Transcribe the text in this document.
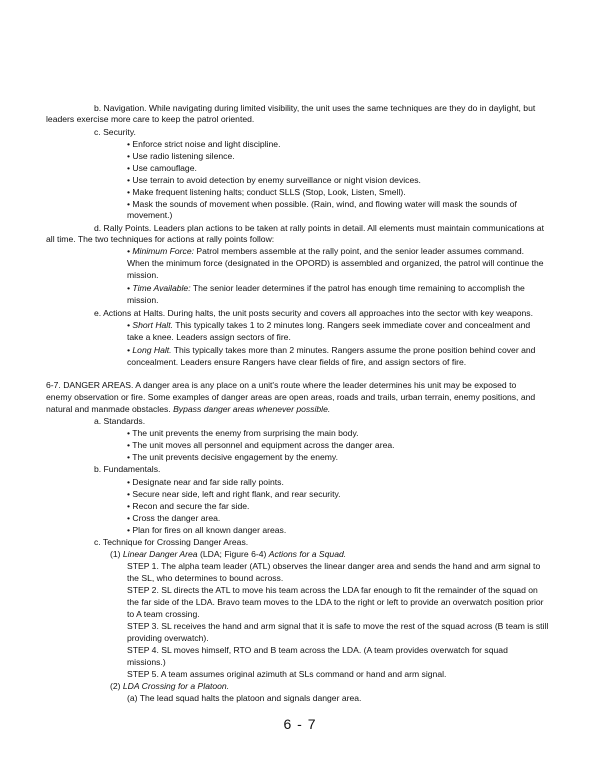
b. Navigation. While navigating during limited visibility, the unit uses the same techniques are they do in daylight, but
leaders exercise more care to keep the patrol oriented.
c. Security.
• Enforce strict noise and light discipline.
• Use radio listening silence.
• Use camouflage.
• Use terrain to avoid detection by enemy surveillance or night vision devices.
• Make frequent listening halts; conduct SLLS (Stop, Look, Listen, Smell).
• Mask the sounds of movement when possible. (Rain, wind, and flowing water will mask the sounds of
movement.)
d. Rally Points. Leaders plan actions to be taken at rally points in detail. All elements must maintain communications at
all time. The two techniques for actions at rally points follow:
• Minimum Force: Patrol members assemble at the rally point, and the senior leader assumes command.
When the minimum force (designated in the OPORD) is assembled and organized, the patrol will continue the
mission.
• Time Available: The senior leader determines if the patrol has enough time remaining to accomplish the
mission.
e. Actions at Halts. During halts, the unit posts security and covers all approaches into the sector with key weapons.
• Short Halt. This typically takes 1 to 2 minutes long. Rangers seek immediate cover and concealment and
take a knee. Leaders assign sectors of fire.
• Long Halt. This typically takes more than 2 minutes. Rangers assume the prone position behind cover and
concealment. Leaders ensure Rangers have clear fields of fire, and assign sectors of fire.
6-7. DANGER AREAS. A danger area is any place on a unit's route where the leader determines his unit may be exposed to
enemy observation or fire. Some examples of danger areas are open areas, roads and trails, urban terrain, enemy positions, and
natural and manmade obstacles. Bypass danger areas whenever possible.
a. Standards.
• The unit prevents the enemy from surprising the main body.
• The unit moves all personnel and equipment across the danger area.
• The unit prevents decisive engagement by the enemy.
b. Fundamentals.
• Designate near and far side rally points.
• Secure near side, left and right flank, and rear security.
• Recon and secure the far side.
• Cross the danger area.
• Plan for fires on all known danger areas.
c. Technique for Crossing Danger Areas.
(1) Linear Danger Area (LDA; Figure 6-4) Actions for a Squad.
STEP 1. The alpha team leader (ATL) observes the linear danger area and sends the hand and arm signal to
the SL, who determines to bound across.
STEP 2. SL directs the ATL to move his team across the LDA far enough to fit the remainder of the squad on
the far side of the LDA. Bravo team moves to the LDA to the right or left to provide an overwatch position prior
to A team crossing.
STEP 3. SL receives the hand and arm signal that it is safe to move the rest of the squad across (B team is still
providing overwatch).
STEP 4. SL moves himself, RTO and B team across the LDA. (A team provides overwatch for squad
missions.)
STEP 5. A team assumes original azimuth at SLs command or hand and arm signal.
(2) LDA Crossing for a Platoon.
(a) The lead squad halts the platoon and signals danger area.
6 - 7
